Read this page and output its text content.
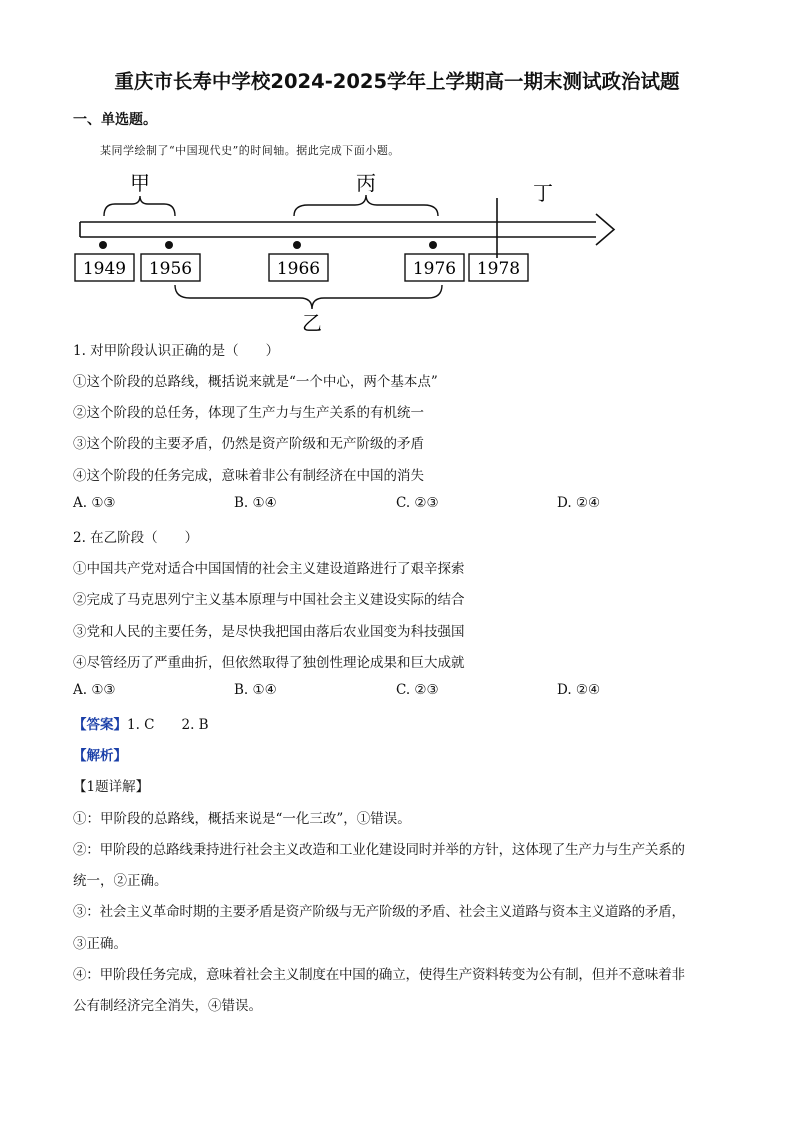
重庆市长寿中学校2024-2025学年上学期高一期末测试政治试题
一、单选题。
某同学绘制了“中国现代史”的时间轴。据此完成下面小题。
甲	丙	丁
1949 1956	1966	1976 1978
乙
1. 对甲阶段认识正确的是（　　）
①这个阶段的总路线，概括说来就是“一个中心，两个基本点”
②这个阶段的总任务，体现了生产力与生产关系的有机统一
③这个阶段的主要矛盾，仍然是资产阶级和无产阶级的矛盾
④这个阶段的任务完成，意味着非公有制经济在中国的消失
A. ①③	B. ①④	C. ②③	D. ②④
2. 在乙阶段（　　）
①中国共产党对适合中国国情的社会主义建设道路进行了艰辛探索
②完成了马克思列宁主义基本原理与中国社会主义建设实际的结合
③党和人民的主要任务，是尽快我把国由落后农业国变为科技强国
④尽管经历了严重曲折，但依然取得了独创性理论成果和巨大成就
A. ①③	B. ①④	C. ②③	D. ②④
【答案】1. C　　2. B
【解析】
【1题详解】
①：甲阶段的总路线，概括来说是“一化三改”，①错误。
②：甲阶段的总路线秉持进行社会主义改造和工业化建设同时并举的方针，这体现了生产力与生产关系的
统一，②正确。
③：社会主义革命时期的主要矛盾是资产阶级与无产阶级的矛盾、社会主义道路与资本主义道路的矛盾，
③正确。
④：甲阶段任务完成，意味着社会主义制度在中国的确立，使得生产资料转变为公有制，但并不意味着非
公有制经济完全消失，④错误。
